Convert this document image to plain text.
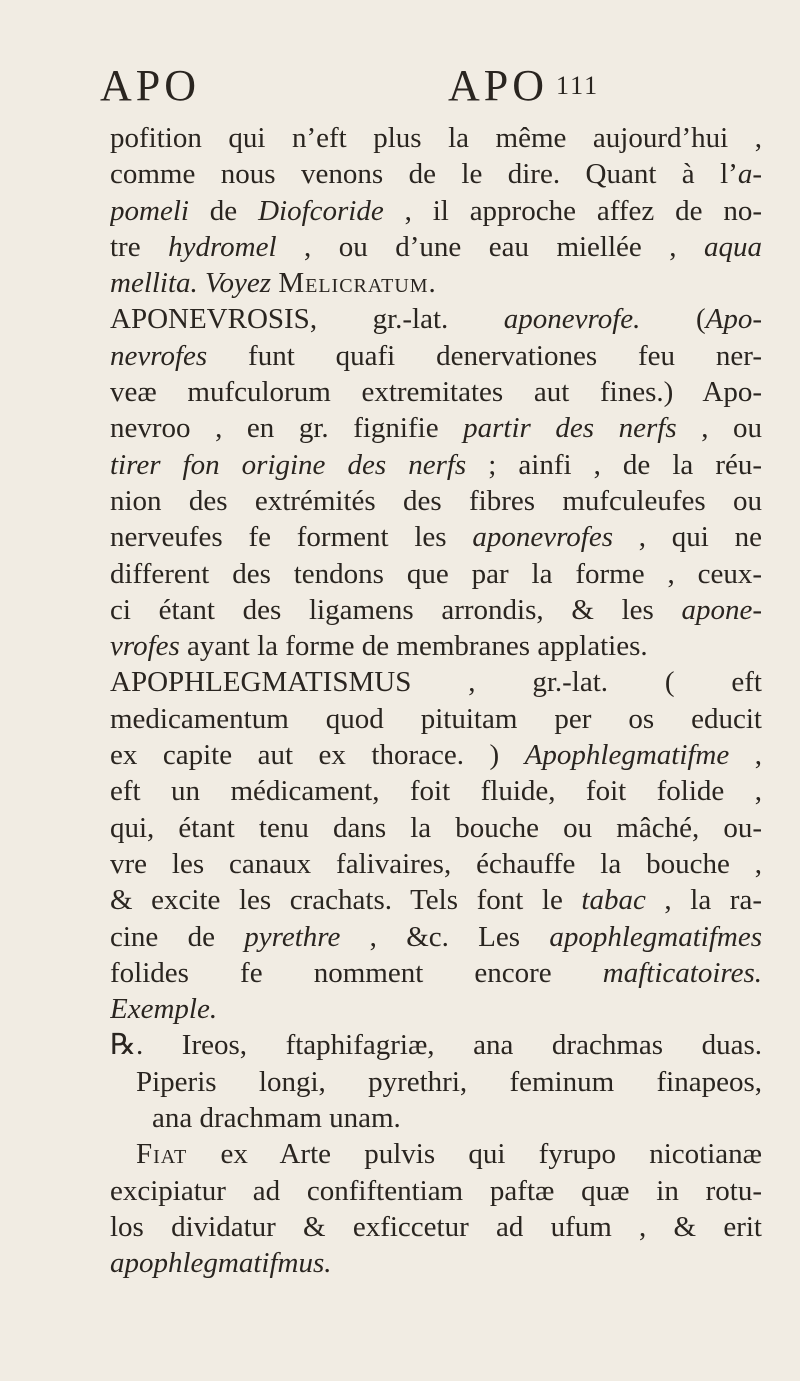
APO	APO 111
pofition qui n’eft plus la même aujourd’hui ,
comme nous venons de le dire. Quant à l’a-
pomeli de Diofcoride , il approche affez de no-
tre hydromel , ou d’une eau miellée , aqua
mellita. Voyez Melicratum.
APONEVROSIS, gr.-lat. aponevrofe. (Apo-
nevrofes funt quafi denervationes feu ner-
veæ mufculorum extremitates aut fines.) Apo-
nevroo , en gr. fignifie partir des nerfs , ou
tirer fon origine des nerfs ; ainfi , de la réu-
nion des extrémités des fibres mufculeufes ou
nerveufes fe forment les aponevrofes , qui ne
different des tendons que par la forme , ceux-
ci étant des ligamens arrondis, & les apone-
vrofes ayant la forme de membranes applaties.
APOPHLEGMATISMUS , gr.-lat. ( eft
medicamentum quod pituitam per os educit
ex capite aut ex thorace. ) Apophlegmatifme ,
eft un médicament, foit fluide, foit folide ,
qui, étant tenu dans la bouche ou mâché, ou-
vre les canaux falivaires, échauffe la bouche ,
& excite les crachats. Tels font le tabac , la ra-
cine de pyrethre , &c. Les apophlegmatifmes
folides fe nomment encore mafticatoires.
Exemple.
℞. Ireos, ftaphifagriæ, ana drachmas duas.
Piperis longi, pyrethri, feminum finapeos,
ana drachmam unam.
Fiat ex Arte pulvis qui fyrupo nicotianæ
excipiatur ad confiftentiam paftæ quæ in rotu-
los dividatur & exficcetur ad ufum , & erit
apophlegmatifmus.
